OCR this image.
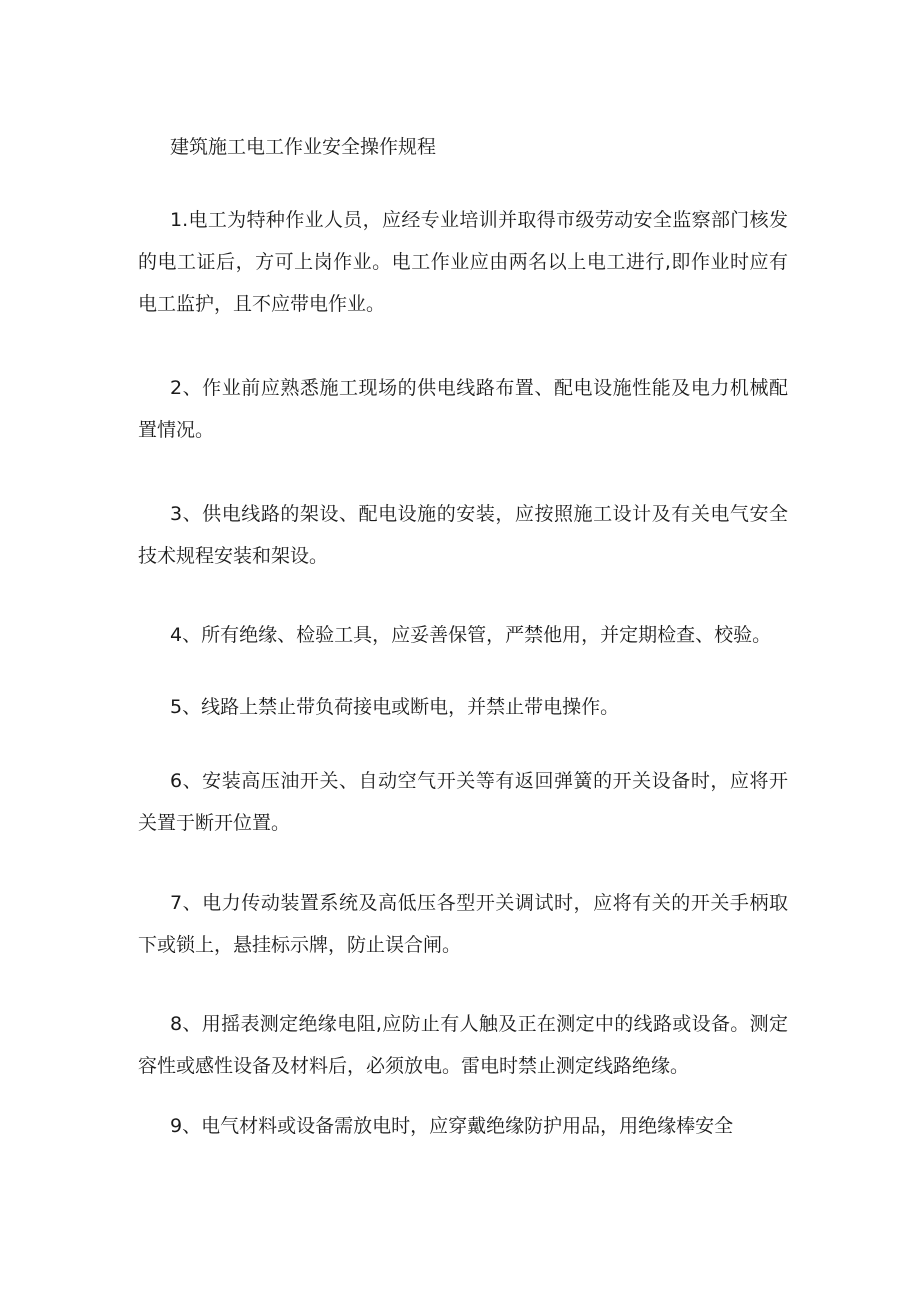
建筑施工电工作业安全操作规程

1.电工为特种作业人员，应经专业培训并取得市级劳动安全监察部门核发的电工证后，方可上岗作业。电工作业应由两名以上电工进行,即作业时应有电工监护，且不应带电作业。

2、作业前应熟悉施工现场的供电线路布置、配电设施性能及电力机械配置情况。

3、供电线路的架设、配电设施的安装，应按照施工设计及有关电气安全技术规程安装和架设。

4、所有绝缘、检验工具，应妥善保管，严禁他用，并定期检查、校验。

5、线路上禁止带负荷接电或断电，并禁止带电操作。

6、安装高压油开关、自动空气开关等有返回弹簧的开关设备时，应将开关置于断开位置。

7、电力传动装置系统及高低压各型开关调试时，应将有关的开关手柄取下或锁上，悬挂标示牌，防止误合闸。

8、用摇表测定绝缘电阻,应防止有人触及正在测定中的线路或设备。测定容性或感性设备及材料后，必须放电。雷电时禁止测定线路绝缘。

9、电气材料或设备需放电时，应穿戴绝缘防护用品，用绝缘棒安全
